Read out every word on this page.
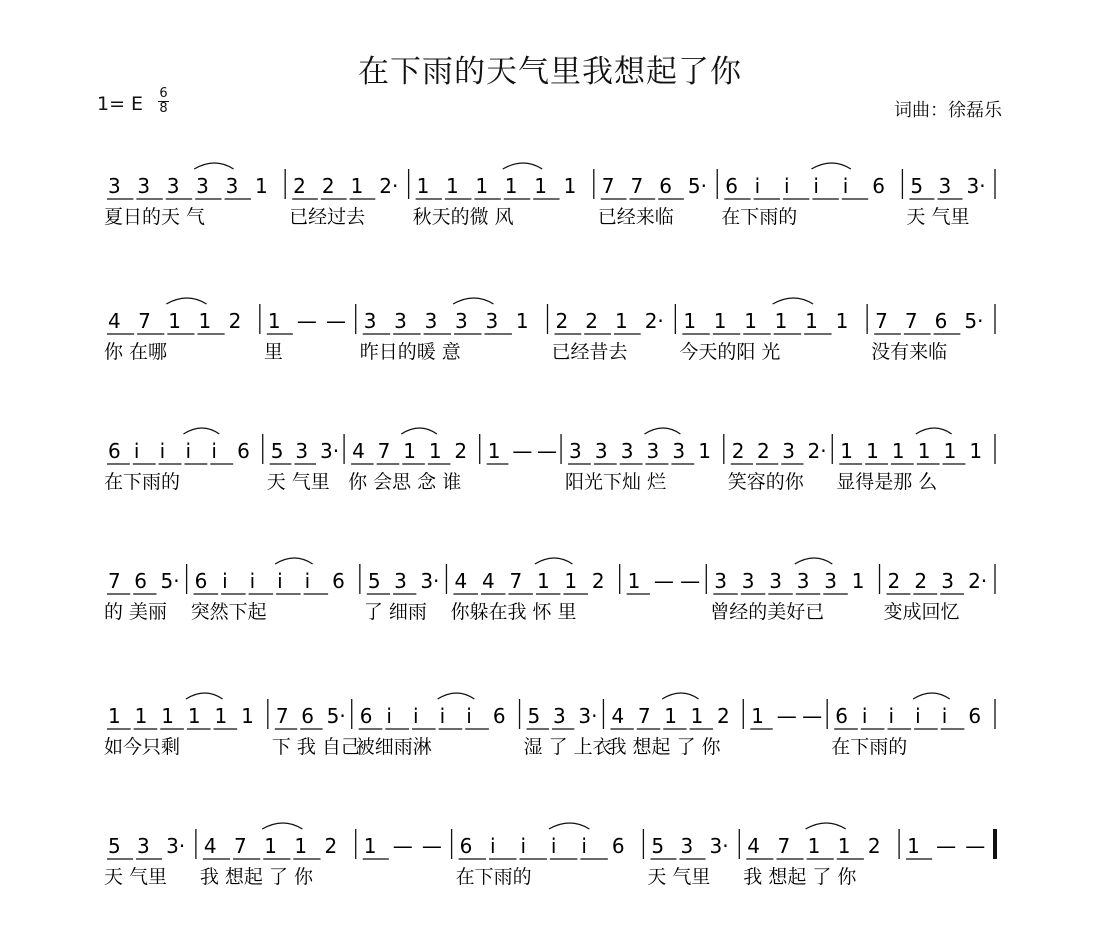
在下雨的天气里我想起了你
1= E 6
8	词曲：徐磊乐
3 3 3 3 3 1
夏日的天 气
2 2 1 2·
已经过去
1 1 1 1 1 1
秋天的微 风
7 7 6 5·
已经来临
6 i i i i 6
在下雨的
5 3 3·
天 气里
4 7 1 1 2
你 在哪
1 — —
里
3 3 3 3 3 1
昨日的暖 意
2 2 1 2·
已经昔去
1 1 1 1 1 1
今天的阳 光
7 7 6 5·
没有来临
6 i i i i 6
在下雨的
5 3 3·
天 气里
4 7 1 1 2
你 会思 念 谁
1 — — 3 3 3 3 3 1
阳光下灿 烂
2 2 3 2·
笑容的你
1 1 1 1 1 1
显得是那 么
7 6 5·
的 美丽
6 i i i i 6
突然下起
5 3 3·
了 细雨
4 4 7 1 1 2
你躲在我 怀 里
1 — — 3 3 3 3 3 1
曾经的美好已
2 2 3 2·
变成回忆
1 1 1 1 1 1
如今只剩
7 6 5·
下 我 自己
6 i i i i 6
被细雨淋
5 3 3·
湿 了 上衣
4 7 1 1 2
我 想起 了 你
1 — — 6 i i i i 6
在下雨的
5 3 3·
天 气里
4 7 1 1 2
我 想起 了 你
1 — — 6 i i i i 6
在下雨的
5 3 3·
天 气里
4 7 1 1 2
我 想起 了 你
1 — —
